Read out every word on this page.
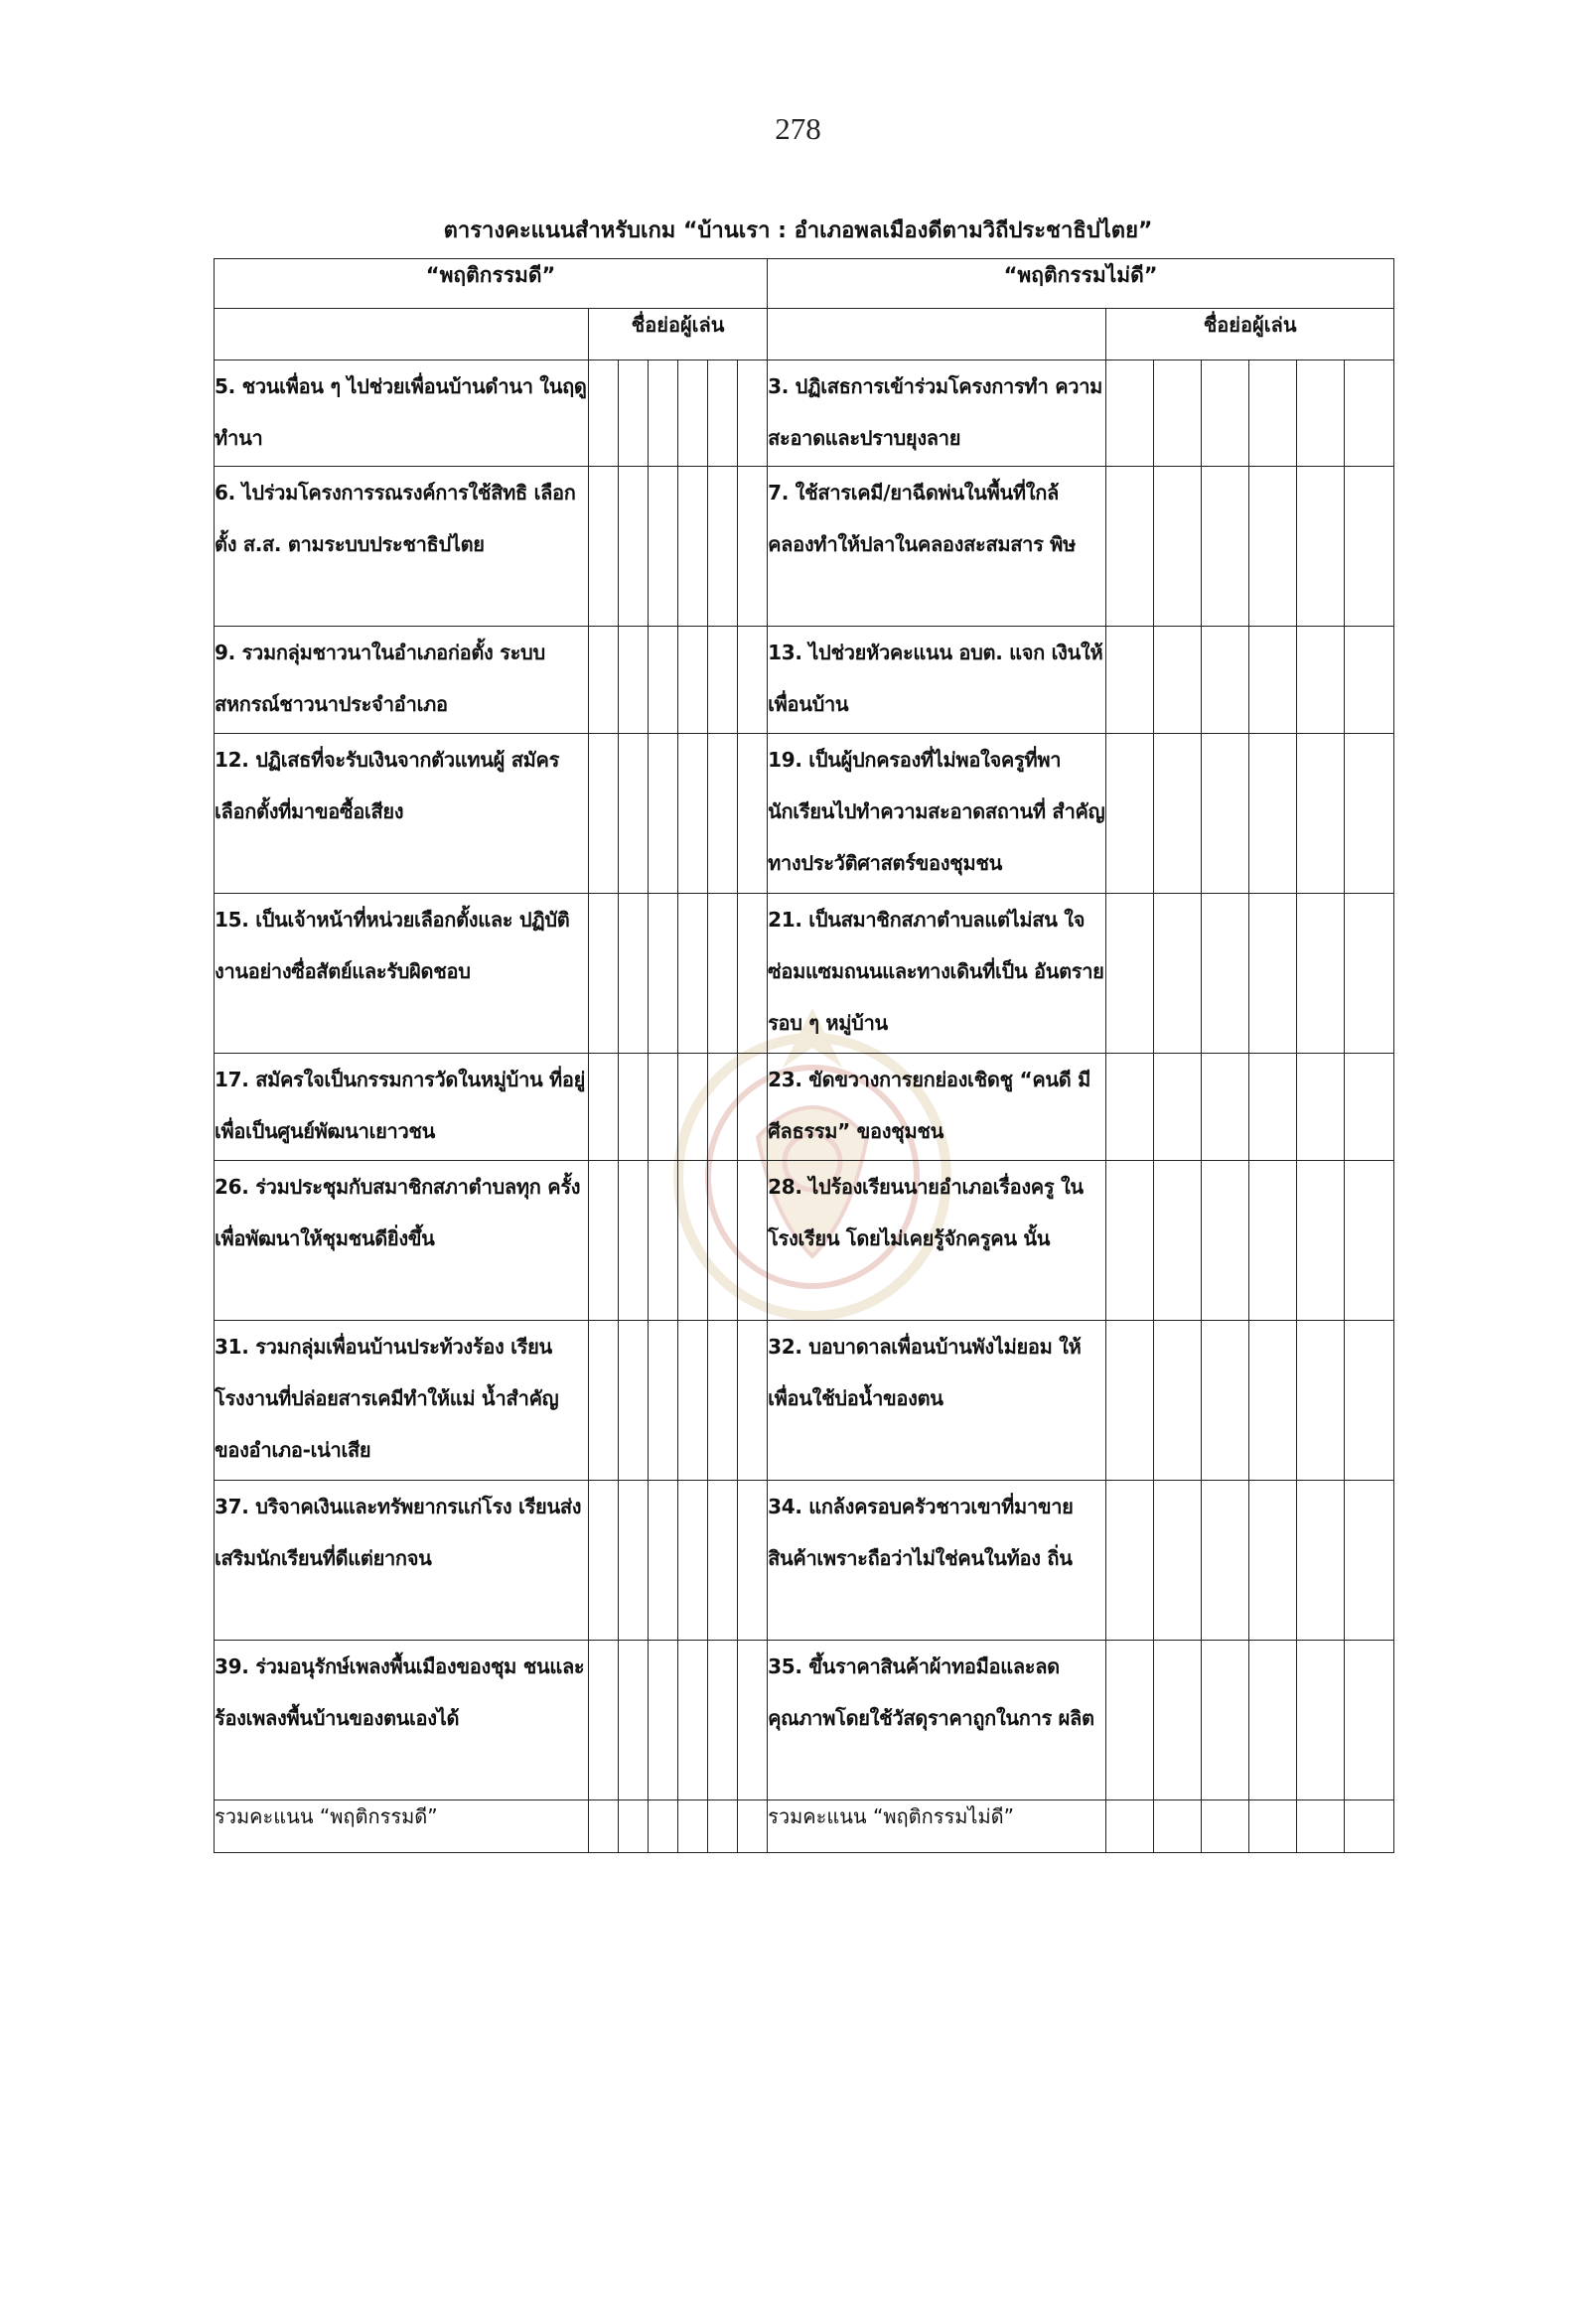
278
ตารางคะแนนสำหรับเกม “บ้านเรา : อำเภอพลเมืองดีตามวิถีประชาธิปไตย”
“พฤติกรรมดี”							“พฤติกรรมไม่ดี”						
	ชื่อย่อผู้เล่น							ชื่อย่อผู้เล่น					
5. ชวนเพื่อน ๆ ไปช่วยเพื่อนบ้านดำนา ในฤดูทำนา							3. ปฏิเสธการเข้าร่วมโครงการทำ ความสะอาดและปราบยุงลาย						
6. ไปร่วมโครงการรณรงค์การใช้สิทธิ เลือกตั้ง ส.ส. ตามระบบประชาธิปไตย							7. ใช้สารเคมี/ยาฉีดพ่นในพื้นที่ใกล้ คลองทำให้ปลาในคลองสะสมสาร พิษ						
9. รวมกลุ่มชาวนาในอำเภอก่อตั้ง ระบบสหกรณ์ชาวนาประจำอำเภอ							13. ไปช่วยหัวคะแนน อบต. แจก เงินให้เพื่อนบ้าน						
12. ปฏิเสธที่จะรับเงินจากตัวแทนผู้ สมัครเลือกตั้งที่มาขอซื้อเสียง							19. เป็นผู้ปกครองที่ไม่พอใจครูที่พา นักเรียนไปทำความสะอาดสถานที่ สำคัญทางประวัติศาสตร์ของชุมชน						
15. เป็นเจ้าหน้าที่หน่วยเลือกตั้งและ ปฏิบัติงานอย่างซื่อสัตย์และรับผิดชอบ							21. เป็นสมาชิกสภาตำบลแต่ไม่สน ใจซ่อมแซมถนนและทางเดินที่เป็น อันตรายรอบ ๆ หมู่บ้าน						
17. สมัครใจเป็นกรรมการวัดในหมู่บ้าน ที่อยู่ เพื่อเป็นศูนย์พัฒนาเยาวชน							23. ขัดขวางการยกย่องเชิดชู “คนดี มีศีลธรรม” ของชุมชน						
26. ร่วมประชุมกับสมาชิกสภาตำบลทุก ครั้งเพื่อพัฒนาให้ชุมชนดียิ่งขึ้น							28. ไปร้องเรียนนายอำเภอเรื่องครู ในโรงเรียน โดยไม่เคยรู้จักครูคน นั้น						
31. รวมกลุ่มเพื่อนบ้านประท้วงร้อง เรียนโรงงานที่ปล่อยสารเคมีทำให้แม่ น้ำสำคัญของอำเภอ-เน่าเสีย							32. บอบาดาลเพื่อนบ้านพังไม่ยอม ให้เพื่อนใช้บ่อน้ำของตน						
37. บริจาคเงินและทรัพยากรแก่โรง เรียนส่งเสริมนักเรียนที่ดีแต่ยากจน							34. แกล้งครอบครัวชาวเขาที่มาขาย สินค้าเพราะถือว่าไม่ใช่คนในท้อง ถิ่น						
39. ร่วมอนุรักษ์เพลงพื้นเมืองของชุม ชนและร้องเพลงพื้นบ้านของตนเองได้							35. ขึ้นราคาสินค้าผ้าทอมือและลด คุณภาพโดยใช้วัสดุราคาถูกในการ ผลิต						
รวมคะแนน “พฤติกรรมดี”							รวมคะแนน “พฤติกรรมไม่ดี”						
